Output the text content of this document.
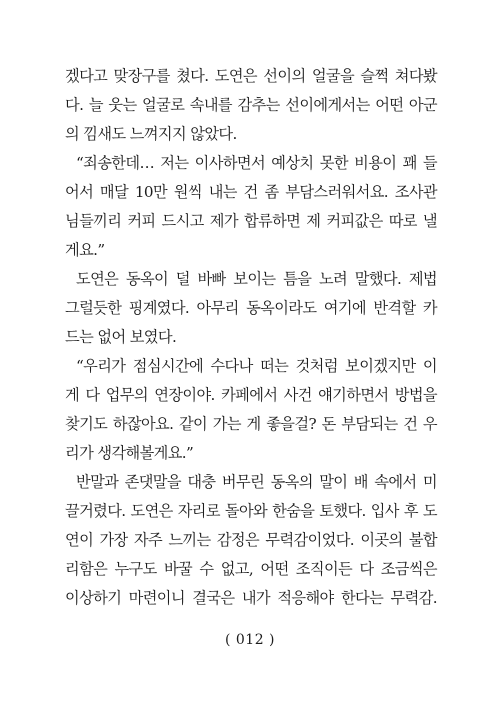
겠다고 맞장구를 쳤다. 도연은 선이의 얼굴을 슬쩍 쳐다봤
다. 늘 웃는 얼굴로 속내를 감추는 선이에게서는 어떤 아군
의 낌새도 느껴지지 않았다.
“죄송한데… 저는 이사하면서 예상치 못한 비용이 꽤 들
어서 매달 10만 원씩 내는 건 좀 부담스러워서요. 조사관
님들끼리 커피 드시고 제가 합류하면 제 커피값은 따로 낼
게요.”
도연은 동옥이 덜 바빠 보이는 틈을 노려 말했다. 제법
그럴듯한 핑계였다. 아무리 동옥이라도 여기에 반격할 카
드는 없어 보였다.
“우리가 점심시간에 수다나 떠는 것처럼 보이겠지만 이
게 다 업무의 연장이야. 카페에서 사건 얘기하면서 방법을
찾기도 하잖아요. 같이 가는 게 좋을걸? 돈 부담되는 건 우
리가 생각해볼게요.”
반말과 존댓말을 대충 버무린 동옥의 말이 배 속에서 미
끌거렸다. 도연은 자리로 돌아와 한숨을 토했다. 입사 후 도
연이 가장 자주 느끼는 감정은 무력감이었다. 이곳의 불합
리함은 누구도 바꿀 수 없고, 어떤 조직이든 다 조금씩은
이상하기 마련이니 결국은 내가 적응해야 한다는 무력감.
( 012 )
